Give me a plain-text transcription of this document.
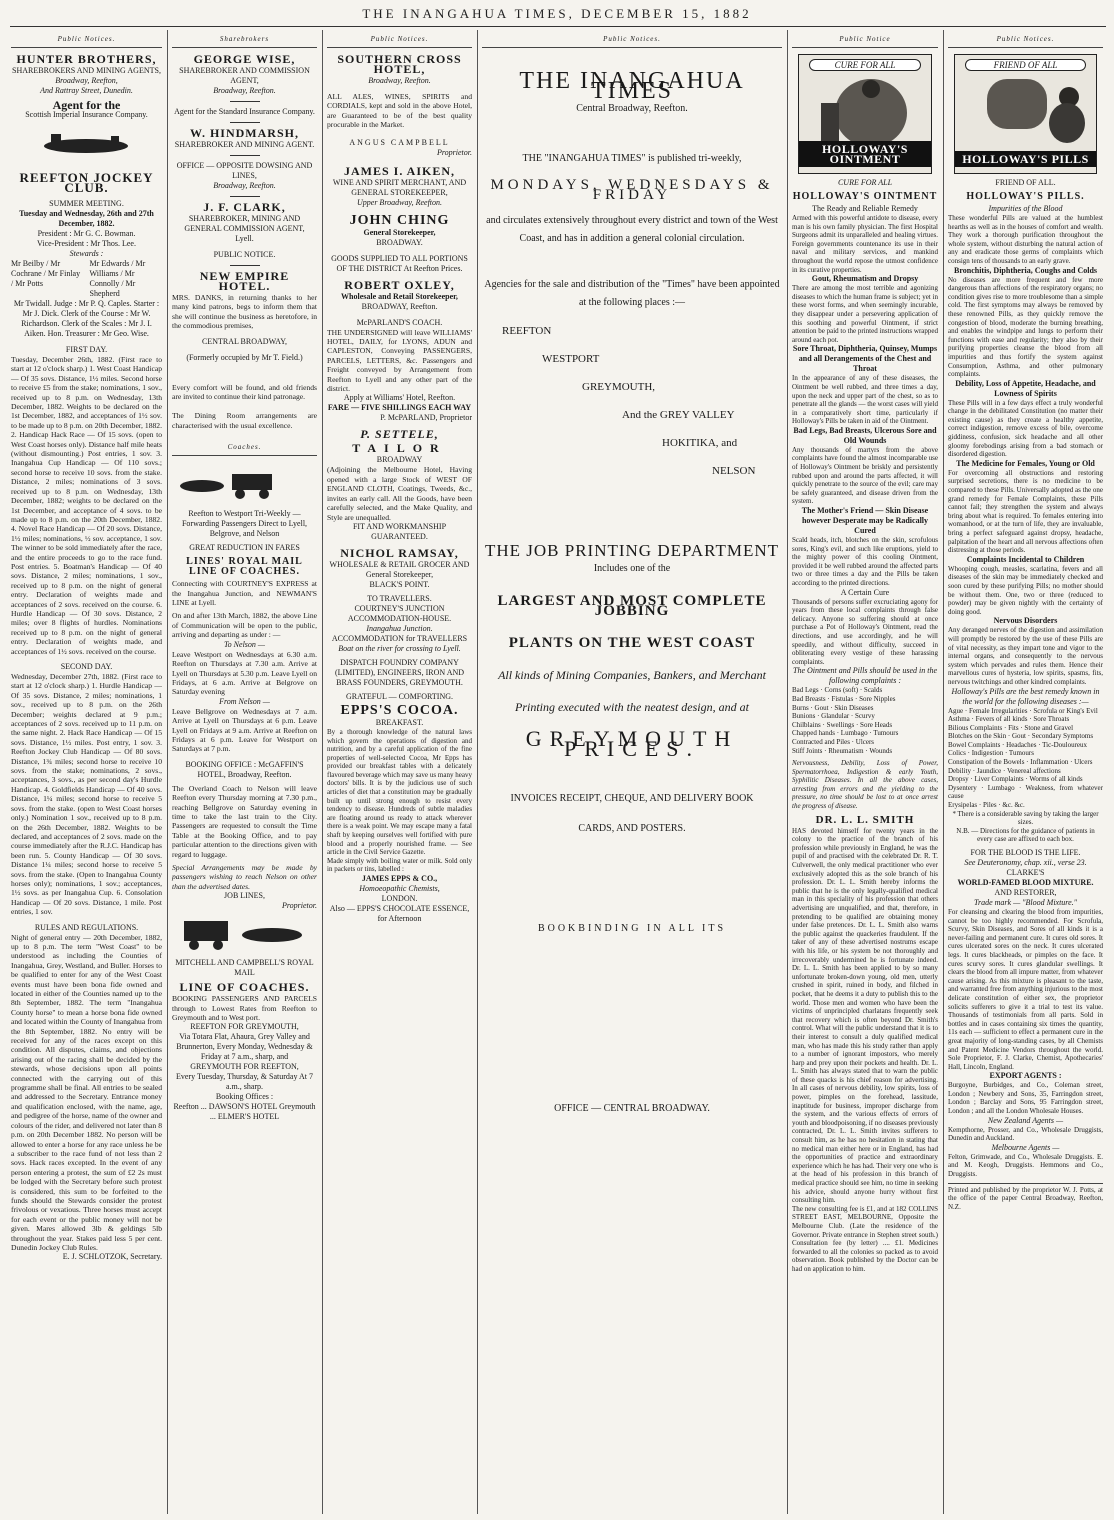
THE INANGAHUA TIMES, DECEMBER 15, 1882
Public Notices.
HUNTER BROTHERS,
SHAREBROKERS AND MINING AGENTS,
Broadway, Reefton,
And Rattray Street, Dunedin.
Agent for the
Scottish Imperial Insurance Company.
REEFTON JOCKEY CLUB.
SUMMER MEETING.
Tuesday and Wednesday, 26th and 27th December, 1882.
President : Mr G. C. Bowman.
Vice-President : Mr Thos. Lee.
Stewards :
Mr Beilby / Mr Cochrane / Mr Finlay / Mr Potts
Mr Edwards / Mr Williams / Mr Connolly / Mr Shepherd
Mr Twidall. Judge : Mr P. Q. Caples. Starter : Mr J. Dick. Clerk of the Course : Mr W. Richardson. Clerk of the Scales : Mr J. I. Aiken. Hon. Treasurer : Mr Geo. Wise.
FIRST DAY.
Tuesday, December 26th, 1882. (First race to start at 12 o'clock sharp.) 1. West Coast Handicap — Of 35 sovs. Distance, 1½ miles. Second horse to receive £5 from the stake; nominations, 1 sov., received up to 8 p.m. on Wednesday, 13th December, 1882. Weights to be declared on the 1st December, 1882, and acceptances of 1½ sov. to be made up to 8 p.m. on 20th December, 1882. 2. Handicap Hack Race — Of 15 sovs. (open to West Coast horses only). Distance half mile heats (without dismounting.) Post entries, 1 sov. 3. Inangahua Cup Handicap — Of 110 sovs.; second horse to receive 10 sovs. from the stake. Distance, 2 miles; nominations of 3 sovs. received up to 8 p.m. on Wednesday, 13th December, 1882; weights to be declared on the 1st December, and acceptance of 4 sovs. to be made up to 8 p.m. on the 20th December, 1882. 4. Novel Race Handicap — Of 20 sovs. Distance, 1½ miles; nominations, ½ sov. acceptance, 1 sov. The winner to be sold immediately after the race, and the entire proceeds to go to the race fund. Post entries. 5. Boatman's Handicap — Of 40 sovs. Distance, 2 miles; nominations, 1 sov., received up to 8 p.m. on the night of general entry. Declaration of weights made and acceptances of 2 sovs. received on the course. 6. Hurdle Handicap — Of 30 sovs. Distance, 2 miles; over 8 flights of hurdles. Nominations received up to 8 p.m. on the night of general entry. Declaration of weights made, and acceptances of 1½ sovs. received on the course.
SECOND DAY.
Wednesday, December 27th, 1882. (First race to start at 12 o'clock sharp.) 1. Hurdle Handicap — Of 35 sovs. Distance, 2 miles; nominations, 1 sov., received up to 8 p.m. on the 26th December; weights declared at 9 p.m.; acceptances of 2 sovs. received up to 11 p.m. on the same night. 2. Hack Race Handicap — Of 15 sovs. Distance, 1½ miles. Post entry, 1 sov. 3. Reefton Jockey Club Handicap — Of 80 sovs. Distance, 1¾ miles; second horse to receive 10 sovs. from the stake; nominations, 2 sovs., acceptances, 3 sovs., as per second day's Hurdle Handicap. 4. Goldfields Handicap — Of 40 sovs. Distance, 1¼ miles; second horse to receive 5 sovs. from the stake. (open to West Coast horses only.) Nomination 1 sov., received up to 8 p.m. on the 26th December, 1882. Weights to be declared, and acceptances of 2 sovs. made on the course immediately after the R.J.C. Handicap has been run. 5. County Handicap — Of 30 sovs. Distance 1¼ miles; second horse to receive 5 sovs. from the stake. (Open to Inangahua County horses only); nominations, 1 sov.; acceptances, 1½ sovs. as per Inangahua Cup. 6. Consolation Handicap — Of 20 sovs. Distance, 1 mile. Post entries, 1 sov.
RULES AND REGULATIONS.
Night of general entry — 20th December, 1882, up to 8 p.m. The term "West Coast" to be understood as including the Counties of Inangahua, Grey, Westland, and Buller. Horses to be qualified to enter for any of the West Coast events must have been bona fide owned and located in either of the Counties named up to the 8th September, 1882. The term "Inangahua County horse" to mean a horse bona fide owned and located within the County of Inangahua from the 8th September, 1882. No entry will be received for any of the races except on this condition. All disputes, claims, and objections arising out of the racing shall be decided by the stewards, whose decisions upon all points connected with the carrying out of this programme shall be final. All entries to be sealed and addressed to the Secretary. Entrance money and qualification enclosed, with the name, age, and pedigree of the horse, name of the owner and colours of the rider, and delivered not later than 8 p.m. on 20th December 1882. No person will be allowed to enter a horse for any race unless he be a subscriber to the race fund of not less than 2 sovs. Hack races excepted. In the event of any person entering a protest, the sum of £2 2s must be lodged with the Secretary before such protest is considered, this sum to be forfeited to the funds should the Stewards consider the protest frivolous or vexatious. Three horses must accept for each event or the public money will not be given. Mares allowed 3lb & geldings 5lb throughout the year. Stakes paid less 5 per cent. Dunedin Jockey Club Rules.
E. J. SCHLOTZOK, Secretary.
Sharebrokers
GEORGE WISE,
SHAREBROKER AND COMMISSION AGENT,
Broadway, Reefton.
Agent for the Standard Insurance Company.
W. HINDMARSH,
SHAREBROKER AND MINING AGENT.
OFFICE — OPPOSITE DOWSING AND LINES,
Broadway, Reefton.
J. F. CLARK,
SHAREBROKER, MINING AND GENERAL COMMISSION AGENT,
Lyell.
PUBLIC NOTICE.
NEW EMPIRE HOTEL.
MRS. DANKS, in returning thanks to her many kind patrons, begs to inform them that she will continue the business as heretofore, in the commodious premises,
CENTRAL BROADWAY,
(Formerly occupied by Mr T. Field.)
Every comfort will be found, and old friends are invited to continue their kind patronage.
The Dining Room arrangements are characterised with the usual excellence.
Coaches.
Reefton to Westport Tri-Weekly — Forwarding Passengers Direct to Lyell, Belgrove, and Nelson
GREAT REDUCTION IN FARES
LINES' ROYAL MAIL LINE OF COACHES.
Connecting with COURTNEY'S EXPRESS at the Inangahua Junction, and NEWMAN'S LINE at Lyell.
On and after 13th March, 1882, the above Line of Communication will be open to the public, arriving and departing as under : —
To Nelson —
Leave Westport on Wednesdays at 6.30 a.m. Reefton on Thursdays at 7.30 a.m. Arrive at Lyell on Thursdays at 5.30 p.m. Leave Lyell on Fridays, at 6 a.m. Arrive at Belgrove on Saturday evening
From Nelson —
Leave Bellgrove on Wednesdays at 7 a.m. Arrive at Lyell on Thursdays at 6 p.m. Leave Lyell on Fridays at 9 a.m. Arrive at Reefton on Fridays at 6 p.m. Leave for Westport on Saturdays at 7 p.m.
BOOKING OFFICE : McGAFFIN'S HOTEL, Broadway, Reefton.
The Overland Coach to Nelson will leave Reefton every Thursday morning at 7.30 p.m., reaching Bellgrove on Saturday evening in time to take the last train to the City. Passengers are requested to consult the Time Table at the Booking Office, and to pay particular attention to the directions given with regard to luggage.
Special Arrangements may be made by passengers wishing to reach Nelson on other than the advertised dates.
JOB LINES,
Proprietor.
MITCHELL AND CAMPBELL'S ROYAL MAIL
LINE OF COACHES.
BOOKING PASSENGERS AND PARCELS through to Lowest Rates from Reefton to Greymouth and to West port.
REEFTON FOR GREYMOUTH,
Via Totara Flat, Ahaura, Grey Valley and Brunnerton, Every Monday, Wednesday & Friday at 7 a.m., sharp, and
GREYMOUTH FOR REEFTON,
Every Tuesday, Thursday, & Saturday At 7 a.m., sharp.
Booking Offices :
Reefton ... DAWSON'S HOTEL Greymouth ... ELMER'S HOTEL
Public Notices.
SOUTHERN CROSS HOTEL,
Broadway, Reefton.
ALL ALES, WINES, SPIRITS and CORDIALS, kept and sold in the above Hotel, are Guaranteed to be of the best quality procurable in the Market.
ANGUS CAMPBELL
Proprietor.
JAMES I. AIKEN,
WINE AND SPIRIT MERCHANT, AND GENERAL STOREKEEPER,
Upper Broadway, Reefton.
JOHN CHING
General Storekeeper,
BROADWAY.
GOODS SUPPLIED TO ALL PORTIONS OF THE DISTRICT At Reefton Prices.
ROBERT OXLEY,
Wholesale and Retail Storekeeper,
BROADWAY, Reefton.
McPARLAND'S COACH.
THE UNDERSIGNED will leave WILLIAMS' HOTEL, DAILY, for LYONS, ADUN and CAPLESTON, Conveying PASSENGERS, PARCELS, LETTERS, &c. Passengers and Freight conveyed by Arrangement from Reefton to Lyell and any other part of the district.
Apply at Williams' Hotel, Reefton.
FARE — FIVE SHILLINGS EACH WAY
P. McPARLAND, Proprietor
P. SETTELE,
TAILOR
BROADWAY
(Adjoining the Melbourne Hotel, Having opened with a large Stock of WEST OF ENGLAND CLOTH, Coatings, Tweeds, &c., invites an early call. All the Goods, have been carefully selected, and the Make Quality, and Style are unequalled.
FIT AND WORKMANSHIP GUARANTEED.
NICHOL RAMSAY,
WHOLESALE & RETAIL GROCER AND General Storekeeper,
BLACK'S POINT.
TO TRAVELLERS.
COURTNEY'S JUNCTION ACCOMMODATION-HOUSE.
Inangahua Junction.
ACCOMMODATION for TRAVELLERS
Boat on the river for crossing to Lyell.
DISPATCH FOUNDRY COMPANY (LIMITED), ENGINEERS, IRON AND BRASS FOUNDERS, GREYMOUTH.
GRATEFUL — COMFORTING.
EPPS'S COCOA.
BREAKFAST.
By a thorough knowledge of the natural laws which govern the operations of digestion and nutrition, and by a careful application of the fine properties of well-selected Cocoa, Mr Epps has provided our breakfast tables with a delicately flavoured beverage which may save us many heavy doctors' bills. It is by the judicious use of such articles of diet that a constitution may be gradually built up until strong enough to resist every tendency to disease. Hundreds of subtle maladies are floating around us ready to attack wherever there is a weak point. We may escape many a fatal shaft by keeping ourselves well fortified with pure blood and a properly nourished frame. — See article in the Civil Service Gazette.
Made simply with boiling water or milk. Sold only in packets or tins, labelled :
JAMES EPPS & CO.,
Homoeopathic Chemists,
LONDON.
Also — EPPS'S CHOCOLATE ESSENCE, for Afternoon
Public Notices.
THE INANGAHUA TIMES
Central Broadway, Reefton.
THE "INANGAHUA TIMES" is published tri-weekly,
MONDAYS, WEDNESDAYS & FRIDAY
and circulates extensively throughout every district and town of the West
Coast, and has in addition a general colonial circulation.
Agencies for the sale and distribution of the "Times" have been appointed
at the following places :—
REEFTON
WESTPORT
GREYMOUTH,
And the GREY VALLEY
HOKITIKA, and
NELSON
THE JOB PRINTING DEPARTMENT
Includes one of the
LARGEST AND MOST COMPLETE JOBBING
PLANTS ON THE WEST COAST
All kinds of Mining Companies, Bankers, and Merchant
Printing executed with the neatest design, and at
GREYMOUTH PRICES.
INVOICES RECEIPT, CHEQUE, AND DELIVERY BOOK
CARDS, AND POSTERS.
BOOKBINDING IN ALL ITS
OFFICE — CENTRAL BROADWAY.
Public Notice
CURE FOR ALL
HOLLOWAY'S OINTMENT
CURE FOR ALL
HOLLOWAY'S OINTMENT
The Ready and Reliable Remedy
Armed with this powerful antidote to disease, every man is his own family physician. The first Hospital Surgeons admit its unparalleled and healing virtues. Foreign governments countenance its use in their naval and military services, and mankind throughout the world repose the utmost confidence in its curative properties.
Gout, Rheumatism and Dropsy
There are among the most terrible and agonizing diseases to which the human frame is subject; yet in these worst forms, and when seemingly incurable, they disappear under a persevering application of this soothing and powerful Ointment, if strict attention be paid to the printed instructions wrapped around each pot.
Sore Throat, Diphtheria, Quinsey, Mumps and all Derangements of the Chest and Throat
In the appearance of any of these diseases, the Ointment be well rubbed, and three times a day, upon the neck and upper part of the chest, so as to penetrate all the glands — the worst cases will yield in a comparatively short time, particularly if Holloway's Pills be taken in aid of the Ointment.
Bad Legs, Bad Breasts, Ulcerous Sore and Old Wounds
Any thousands of martyrs from the above complaints have found the almost incomparable use of Holloway's Ointment be briskly and persistently rubbed upon and around the parts affected, it will quickly penetrate to the source of the evil; care may be safely guaranteed, and disease driven from the system.
The Mother's Friend — Skin Disease however Desperate may be Radically Cured
Scald heads, itch, blotches on the skin, scrofulous sores, King's evil, and such like eruptions, yield to the mighty power of this cooling Ointment, provided it be well rubbed around the affected parts two or three times a day and the Pills be taken according to the printed directions.
A Certain Cure
Thousands of persons suffer excruciating agony for years from these local complaints through false delicacy. Anyone so suffering should at once purchase a Pot of Holloway's Ointment, read the directions, and use accordingly, and he will speedily, and without difficulty, succeed in obliterating every vestige of these harassing complaints.
The Ointment and Pills should be used in the following complaints :
Bad Legs · Corns (soft) · Scalds
Bad Breasts · Fistulas · Sore Nipples
Burns · Gout · Skin Diseases
Bunions · Glandular · Scurvy
Chilblains · Swellings · Sore Heads
Chapped hands · Lumbago · Tumours
Contracted and Piles · Ulcers
Stiff Joints · Rheumatism · Wounds
Nervousness, Debility, Loss of Power, Spermatorrhoea, Indigestion & early Youth, Syphilitic Diseases. In all the above cases, arresting from errors and the yielding to the pressure, no time should be lost to at once arrest the progress of disease.
DR. L. L. SMITH
HAS devoted himself for twenty years in the colony to the practice of the branch of his profession while previously in England, he was the pupil of and practised with the celebrated Dr. R. T. Culverwell, the only medical practitioner who ever exclusively adopted this as the sole branch of his profession. Dr. L. L. Smith hereby informs the public that he is the only legally-qualified medical man in this speciality of his profession that others advertising are unqualified, and that, therefore, in pretending to be qualified are obtaining money under false pretences. Dr. L. L. Smith also warns the public against the quackeries fraudulent. If the taker of any of these advertised nostrums escape with his life, or his system be not thoroughly and irrecoverably undermined he is fortunate indeed. Dr. L. L. Smith has been applied to by so many unfortunate broken-down young, old men, utterly crushed in spirit, ruined in body, and filched in pocket, that he deems it a duty to publish this to the world. Those men and women who have been the victims of unprincipled charlatans frequently seek that recovery which is often beyond Dr. Smith's control. What will the public understand that it is to their interest to consult a duly qualified medical man, who has made this his study rather than apply to a number of ignorant impostors, who merely harp and prey upon their pockets and health. Dr. L. L. Smith has always stated that to warn the public of these quacks is his chief reason for advertising. In all cases of nervous debility, low spirits, loss of power, pimples on the forehead, lassitude, inaptitude for business, improper discharge from the system, and the various effects of errors of youth and bloodpoisoning, if no diseases previously contracted, Dr. L. L. Smith invites sufferers to consult him, as he has no hesitation in stating that no medical man either here or in England, has had the opportunities of practice and extraordinary experience which he has had. Their very one who is at the head of his profession in this branch of medical practice should see him, no time in seeking his advice, should anyone hurry without first consulting him.
The new consulting fee is £1, and at 182 COLLINS STREET EAST, MELBOURNE, Opposite the Melbourne Club. (Late the residence of the Governor. Private entrance in Stephen street south.) Consultation fee (by letter) .... £1. Medicines forwarded to all the colonies so packed as to avoid observation. Book published by the Doctor can be had on application to him.
Public Notices.
FRIEND OF ALL
HOLLOWAY'S PILLS
FRIEND OF ALL.
HOLLOWAY'S PILLS.
Impurities of the Blood
These wonderful Pills are valued at the humblest hearths as well as in the houses of comfort and wealth. They work a thorough purification throughout the whole system, without disturbing the natural action of any and eradicate those germs of complaints which consign tens of thousands to an early grave.
Bronchitis, Diphtheria, Coughs and Colds
No diseases are more frequent and few more dangerous than affections of the respiratory organs; no condition gives rise to more troublesome than a simple cold. The first symptoms may always be removed by these renowned Pills, as they quickly remove the congestion of blood, moderate the burning breathing, and enables the windpipe and lungs to perform their functions with ease and regularity; they also by their purifying properties cleanse the blood from all impurities and thus fortify the system against Consumption, Asthma, and other pulmonary complaints.
Debility, Loss of Appetite, Headache, and Lowness of Spirits
These Pills will in a few days effect a truly wonderful change in the debilitated Constitution (no matter their existing cause) as they create a healthy appetite, correct indigestion, remove excess of bile, overcome giddiness, confusion, sick headache and all other gloomy forebodings arising from a bad stomach or disordered digestion.
The Medicine for Females, Young or Old
For overcoming all obstructions and restoring surprised secretions, there is no medicine to be compared to these Pills. Universally adopted as the one grand remedy for Female Complaints, these Pills cannot fail; they strengthen the system and always bring about what is required. To females entering into womanhood, or at the turn of life, they are invaluable, bring a perfect safeguard against dropsy, headache, palpitation of the heart and all nervous affections often distressing at those periods.
Complaints Incidental to Children
Whooping cough, measles, scarlatina, fevers and all diseases of the skin may be immediately checked and soon cured by these purifying Pills; no mother should be without them. One, two or three (reduced to powder) may be given nightly with the certainty of doing good.
Nervous Disorders
Any deranged nerves of the digestion and assimilation will promptly be restored by the use of these Pills are of vital necessity, as they impart tone and vigor to the internal organs, and consequently to the nervous system which pervades and rules them. Hence their marvellous cures of hysteria, low spirits, spasms, fits, nervous twitchings and other kindred complaints.
Holloway's Pills are the best remedy known in the world for the following diseases :—
Ague · Female Irregularities · Scrofula or King's Evil
Asthma · Fevers of all kinds · Sore Throats
Bilious Complaints · Fits · Stone and Gravel
Blotches on the Skin · Gout · Secondary Symptoms
Bowel Complaints · Headaches · Tic-Douloureux
Colics · Indigestion · Tumours
Constipation of the Bowels · Inflammation · Ulcers
Debility · Jaundice · Venereal affections
Dropsy · Liver Complaints · Worms of all kinds
Dysentery · Lumbago · Weakness, from whatever cause
Erysipelas · Piles · &c. &c.
* There is a considerable saving by taking the larger sizes.
N.B. — Directions for the guidance of patients in every case are affixed to each box.
FOR THE BLOOD IS THE LIFE.
See Deuteronomy, chap. xii., verse 23.
CLARKE'S
WORLD-FAMED BLOOD MIXTURE.
AND RESTORER,
Trade mark — "Blood Mixture."
For cleansing and clearing the blood from impurities, cannot be too highly recommended. For Scrofula, Scurvy, Skin Diseases, and Sores of all kinds it is a never-failing and permanent cure. It cures old sores. It cures ulcerated sores on the neck. It cures ulcerated legs. It cures blackheads, or pimples on the face. It cures scurvy sores. It cures glandular swellings. It clears the blood from all impure matter, from whatever cause arising. As this mixture is pleasant to the taste, and warranted free from anything injurious to the most delicate constitution of either sex, the proprietor solicits sufferers to give it a trial to test its value. Thousands of testimonials from all parts. Sold in bottles and in cases containing six times the quantity, 11s each — sufficient to effect a permanent cure in the great majority of long-standing cases, by all Chemists and Patent Medicine Vendors throughout the world. Sole Proprietor, F. J. Clarke, Chemist, Apothecaries' Hall, Lincoln, England.
EXPORT AGENTS :
Burgoyne, Burbidges, and Co., Coleman street, London ; Newbery and Sons, 35, Farringdon street, London ; Barclay and Sons, 95 Farringdon street, London ; and all the London Wholesale Houses.
New Zealand Agents —
Kempthorne, Prosser, and Co., Wholesale Druggists, Dunedin and Auckland.
Melbourne Agents —
Felton, Grimwade, and Co., Wholesale Druggists. E. and M. Keogh, Druggists. Hemmons and Co., Druggists.
Printed and published by the proprietor W. J. Potts, at the office of the paper Central Broadway, Reefton, N.Z.
